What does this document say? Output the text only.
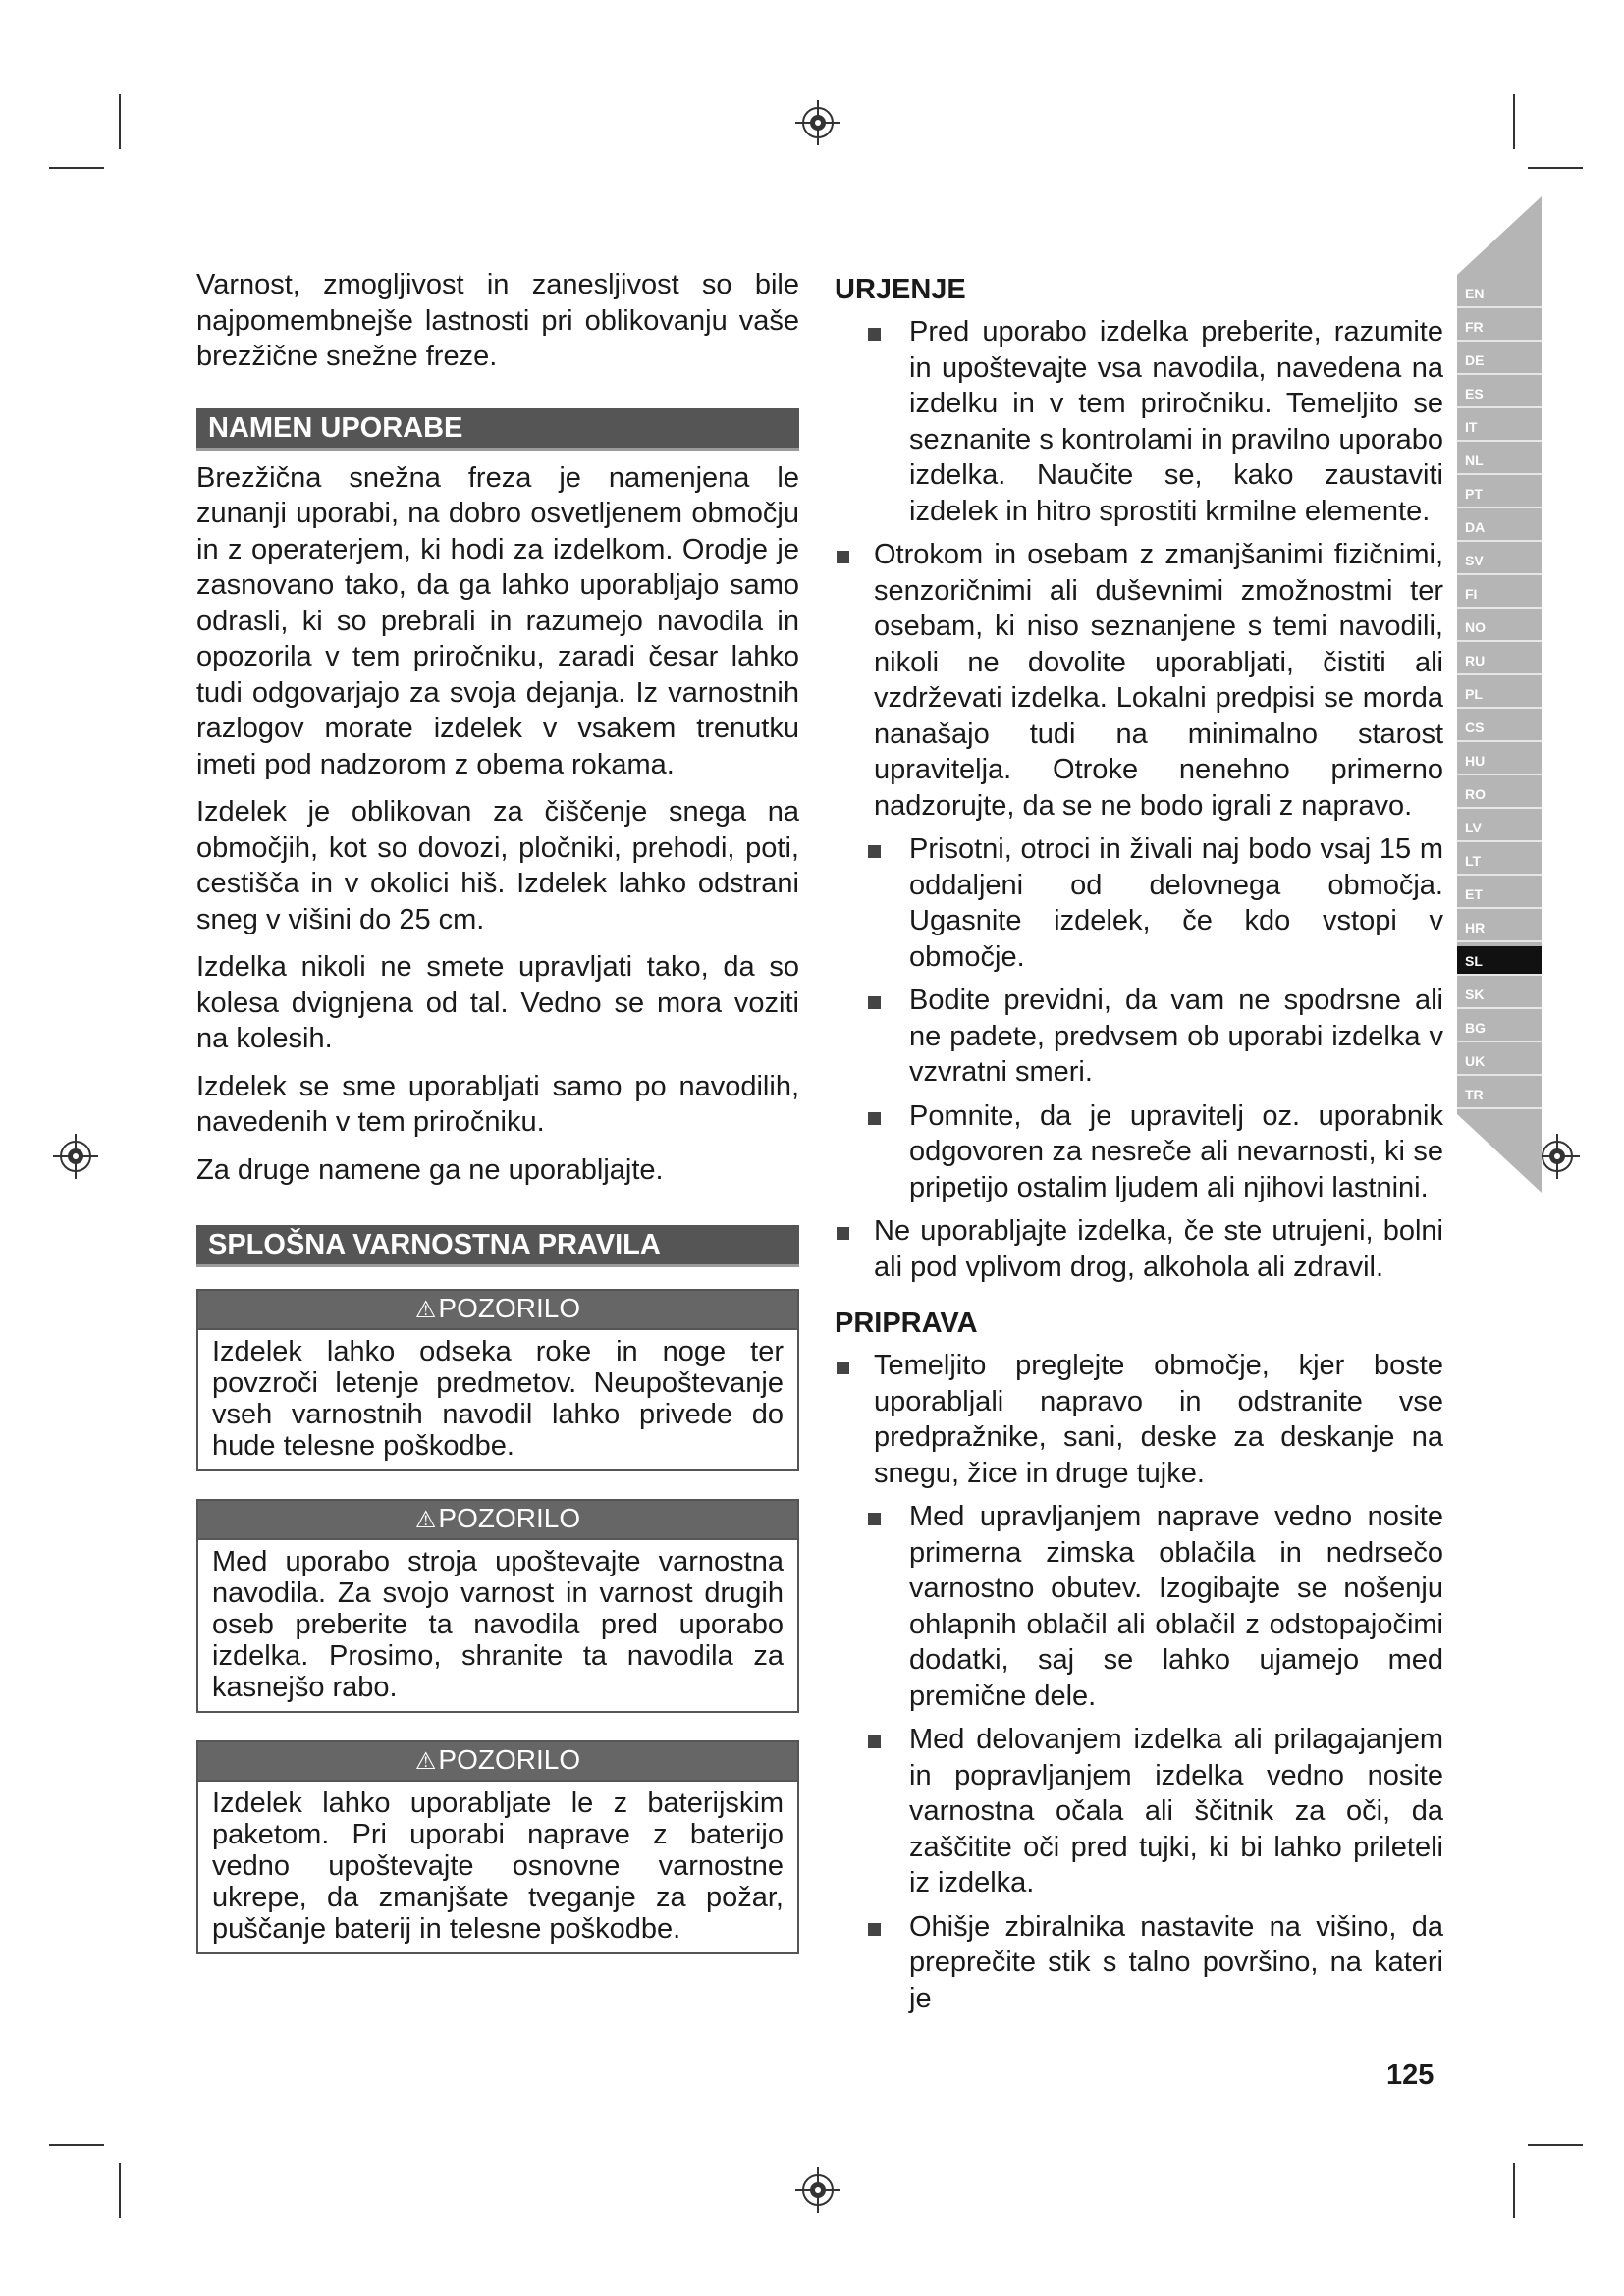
EN
FR
DE
ES
IT
NL
PT
DA
SV
FI
NO
RU
PL
CS
HU
RO
LV
LT
ET
HR
SL
SK
BG
UK
TR

Varnost, zmogljivost in zanesljivost so bile najpomembnejše lastnosti pri oblikovanju vaše brezžične snežne freze.

NAMEN UPORABE

Brezžična snežna freza je namenjena le zunanji uporabi, na dobro osvetljenem območju in z operaterjem, ki hodi za izdelkom. Orodje je zasnovano tako, da ga lahko uporabljajo samo odrasli, ki so prebrali in razumejo navodila in opozorila v tem priročniku, zaradi česar lahko tudi odgovarjajo za svoja dejanja. Iz varnostnih razlogov morate izdelek v vsakem trenutku imeti pod nadzorom z obema rokama.

Izdelek je oblikovan za čiščenje snega na območjih, kot so dovozi, pločniki, prehodi, poti, cestišča in v okolici hiš. Izdelek lahko odstrani sneg v višini do 25 cm.

Izdelka nikoli ne smete upravljati tako, da so kolesa dvignjena od tal. Vedno se mora voziti na kolesih.

Izdelek se sme uporabljati samo po navodilih, navedenih v tem priročniku.

Za druge namene ga ne uporabljajte.

SPLOŠNA VARNOSTNA PRAVILA
⚠POZORILO
Izdelek lahko odseka roke in noge ter povzroči letenje predmetov. Neupoštevanje vseh varnostnih navodil lahko privede do hude telesne poškodbe.
⚠POZORILO
Med uporabo stroja upoštevajte varnostna navodila. Za svojo varnost in varnost drugih oseb preberite ta navodila pred uporabo izdelka. Prosimo, shranite ta navodila za kasnejšo rabo.
⚠POZORILO
Izdelek lahko uporabljate le z baterijskim paketom. Pri uporabi naprave z baterijo vedno upoštevajte osnovne varnostne ukrepe, da zmanjšate tveganje za požar, puščanje baterij in telesne poškodbe.
URJENJE
Pred uporabo izdelka preberite, razumite in upoštevajte vsa navodila, navedena na izdelku in v tem priročniku. Temeljito se seznanite s kontrolami in pravilno uporabo izdelka. Naučite se, kako zaustaviti izdelek in hitro sprostiti krmilne elemente.
Otrokom in osebam z zmanjšanimi fizičnimi, senzoričnimi ali duševnimi zmožnostmi ter osebam, ki niso seznanjene s temi navodili, nikoli ne dovolite uporabljati, čistiti ali vzdrževati izdelka. Lokalni predpisi se morda nanašajo tudi na minimalno starost upravitelja. Otroke nenehno primerno nadzorujte, da se ne bodo igrali z napravo.
Prisotni, otroci in živali naj bodo vsaj 15 m oddaljeni od delovnega območja. Ugasnite izdelek, če kdo vstopi v območje.
Bodite previdni, da vam ne spodrsne ali ne padete, predvsem ob uporabi izdelka v vzvratni smeri.
Pomnite, da je upravitelj oz. uporabnik odgovoren za nesreče ali nevarnosti, ki se pripetijo ostalim ljudem ali njihovi lastnini.
Ne uporabljajte izdelka, če ste utrujeni, bolni ali pod vplivom drog, alkohola ali zdravil.
PRIPRAVA
Temeljito preglejte območje, kjer boste uporabljali napravo in odstranite vse predpražnike, sani, deske za deskanje na snegu, žice in druge tujke.
Med upravljanjem naprave vedno nosite primerna zimska oblačila in nedrsečo varnostno obutev. Izogibajte se nošenju ohlapnih oblačil ali oblačil z odstopajočimi dodatki, saj se lahko ujamejo med premične dele.
Med delovanjem izdelka ali prilagajanjem in popravljanjem izdelka vedno nosite varnostna očala ali ščitnik za oči, da zaščitite oči pred tujki, ki bi lahko prileteli iz izdelka.
Ohišje zbiralnika nastavite na višino, da preprečite stik s talno površino, na kateri je
125
